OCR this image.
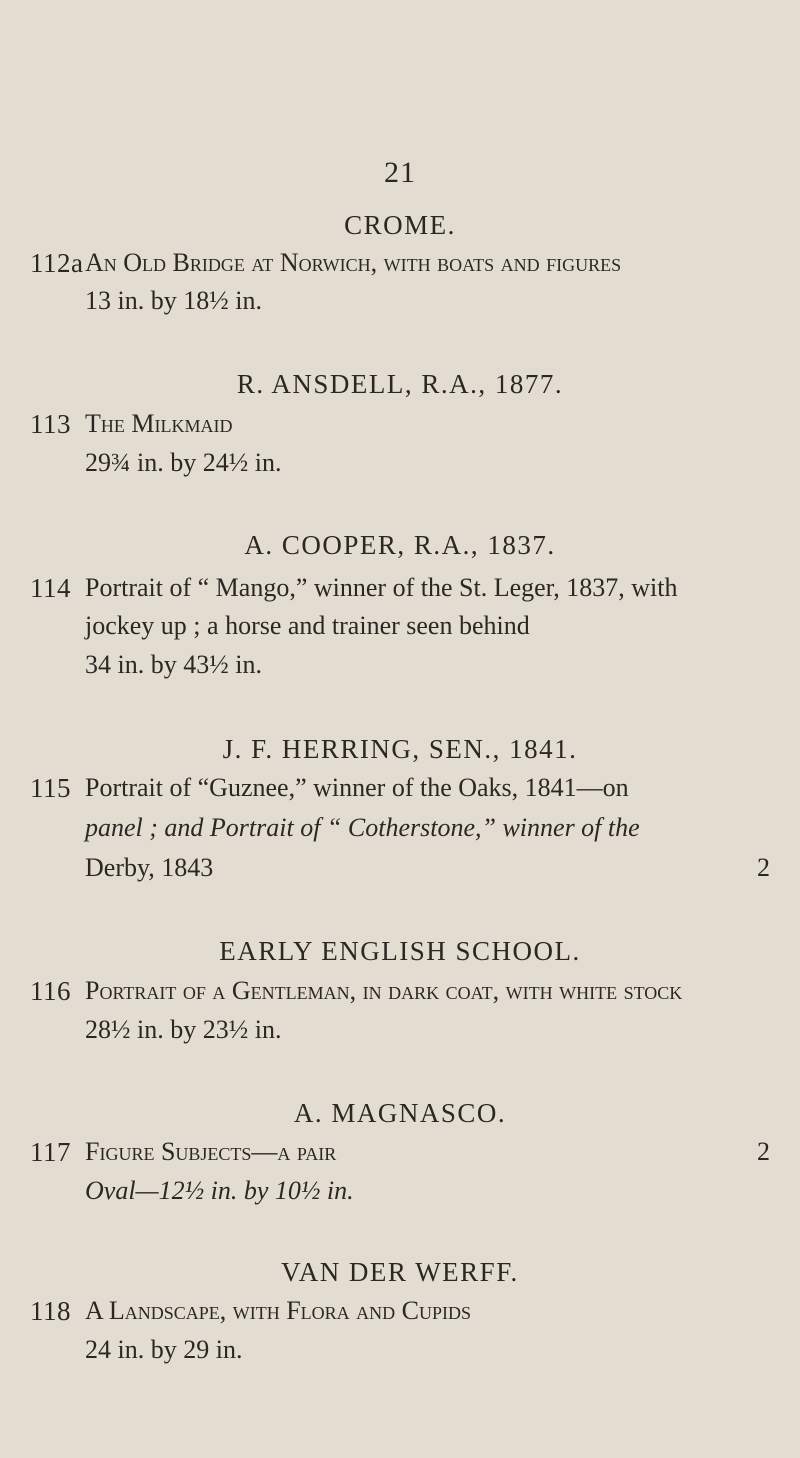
21
CROME.
112a An Old Bridge at Norwich, with boats and figures
13 in. by 18½ in.
R. ANSDELL, R.A., 1877.
113 The Milkmaid
29¾ in. by 24½ in.
A. COOPER, R.A., 1837.
114 Portrait of “ Mango,” winner of the St. Leger, 1837, with
jockey up ; a horse and trainer seen behind
34 in. by 43½ in.
J. F. HERRING, SEN., 1841.
115 Portrait of “Guznee,” winner of the Oaks, 1841—on
panel ; and Portrait of “ Cotherstone,” winner of the
Derby, 1843	2
EARLY ENGLISH SCHOOL.
116 Portrait of a Gentleman, in dark coat, with white stock
28½ in. by 23½ in.
A. MAGNASCO.
117 Figure Subjects—a pair	2
Oval—12½ in. by 10½ in.
VAN DER WERFF.
118 A Landscape, with Flora and Cupids
24 in. by 29 in.
